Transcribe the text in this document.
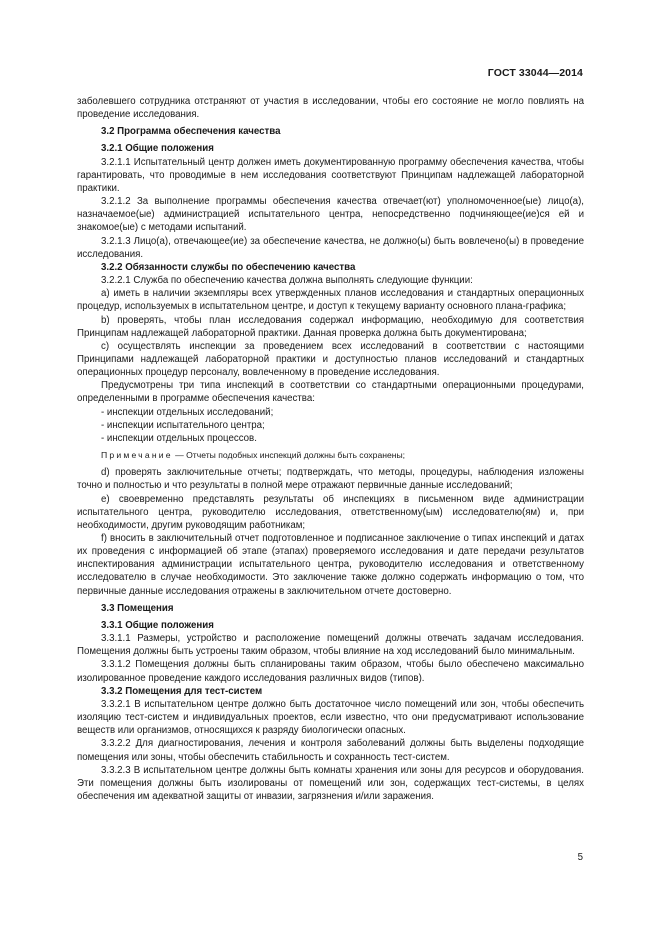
ГОСТ 33044—2014

заболевшего сотрудника отстраняют от участия в исследовании, чтобы его состояние не могло повлиять на проведение исследования.

3.2 Программа обеспечения качества

3.2.1 Общие положения

3.2.1.1 Испытательный центр должен иметь документированную программу обеспечения качества, чтобы гарантировать, что проводимые в нем исследования соответствуют Принципам надлежащей лабораторной практики.

3.2.1.2 За выполнение программы обеспечения качества отвечает(ют) уполномоченное(ые) лицо(а), назначаемое(ые) администрацией испытательного центра, непосредственно подчиняющее(ие)ся ей и знакомое(ые) с методами испытаний.

3.2.1.3 Лицо(а), отвечающее(ие) за обеспечение качества, не должно(ы) быть вовлечено(ы) в проведение исследования.

3.2.2 Обязанности службы по обеспечению качества

3.2.2.1 Служба по обеспечению качества должна выполнять следующие функции:

а) иметь в наличии экземпляры всех утвержденных планов исследования и стандартных операционных процедур, используемых в испытательном центре, и доступ к текущему варианту основного плана-графика;

b) проверять, чтобы план исследования содержал информацию, необходимую для соответствия Принципам надлежащей лабораторной практики. Данная проверка должна быть документирована;

c) осуществлять инспекции за проведением всех исследований в соответствии с настоящими Принципами надлежащей лабораторной практики и доступностью планов исследований и стандартных операционных процедур персоналу, вовлеченному в проведение исследования.

Предусмотрены три типа инспекций в соответствии со стандартными операционными процедурами, определенными в программе обеспечения качества:

- инспекции отдельных исследований;

- инспекции испытательного центра;

- инспекции отдельных процессов.

Примечание — Отчеты подобных инспекций должны быть сохранены;

d) проверять заключительные отчеты; подтверждать, что методы, процедуры, наблюдения изложены точно и полностью и что результаты в полной мере отражают первичные данные исследований;

e) своевременно представлять результаты об инспекциях в письменном виде администрации испытательного центра, руководителю исследования, ответственному(ым) исследователю(ям) и, при необходимости, другим руководящим работникам;

f) вносить в заключительный отчет подготовленное и подписанное заключение о типах инспекций и датах их проведения с информацией об этапе (этапах) проверяемого исследования и дате передачи результатов инспектирования администрации испытательного центра, руководителю исследования и ответственному исследователю в случае необходимости. Это заключение также должно содержать информацию о том, что первичные данные исследования отражены в заключительном отчете достоверно.

3.3 Помещения

3.3.1 Общие положения

3.3.1.1 Размеры, устройство и расположение помещений должны отвечать задачам исследования. Помещения должны быть устроены таким образом, чтобы влияние на ход исследований было минимальным.

3.3.1.2 Помещения должны быть спланированы таким образом, чтобы было обеспечено максимально изолированное проведение каждого исследования различных видов (типов).

3.3.2 Помещения для тест-систем

3.3.2.1 В испытательном центре должно быть достаточное число помещений или зон, чтобы обеспечить изоляцию тест-систем и индивидуальных проектов, если известно, что они предусматривают использование веществ или организмов, относящихся к разряду биологически опасных.

3.3.2.2 Для диагностирования, лечения и контроля заболеваний должны быть выделены подходящие помещения или зоны, чтобы обеспечить стабильность и сохранность тест-систем.

3.3.2.3 В испытательном центре должны быть комнаты хранения или зоны для ресурсов и оборудования. Эти помещения должны быть изолированы от помещений или зон, содержащих тест-системы, в целях обеспечения им адекватной защиты от инвазии, загрязнения и/или заражения.

5
